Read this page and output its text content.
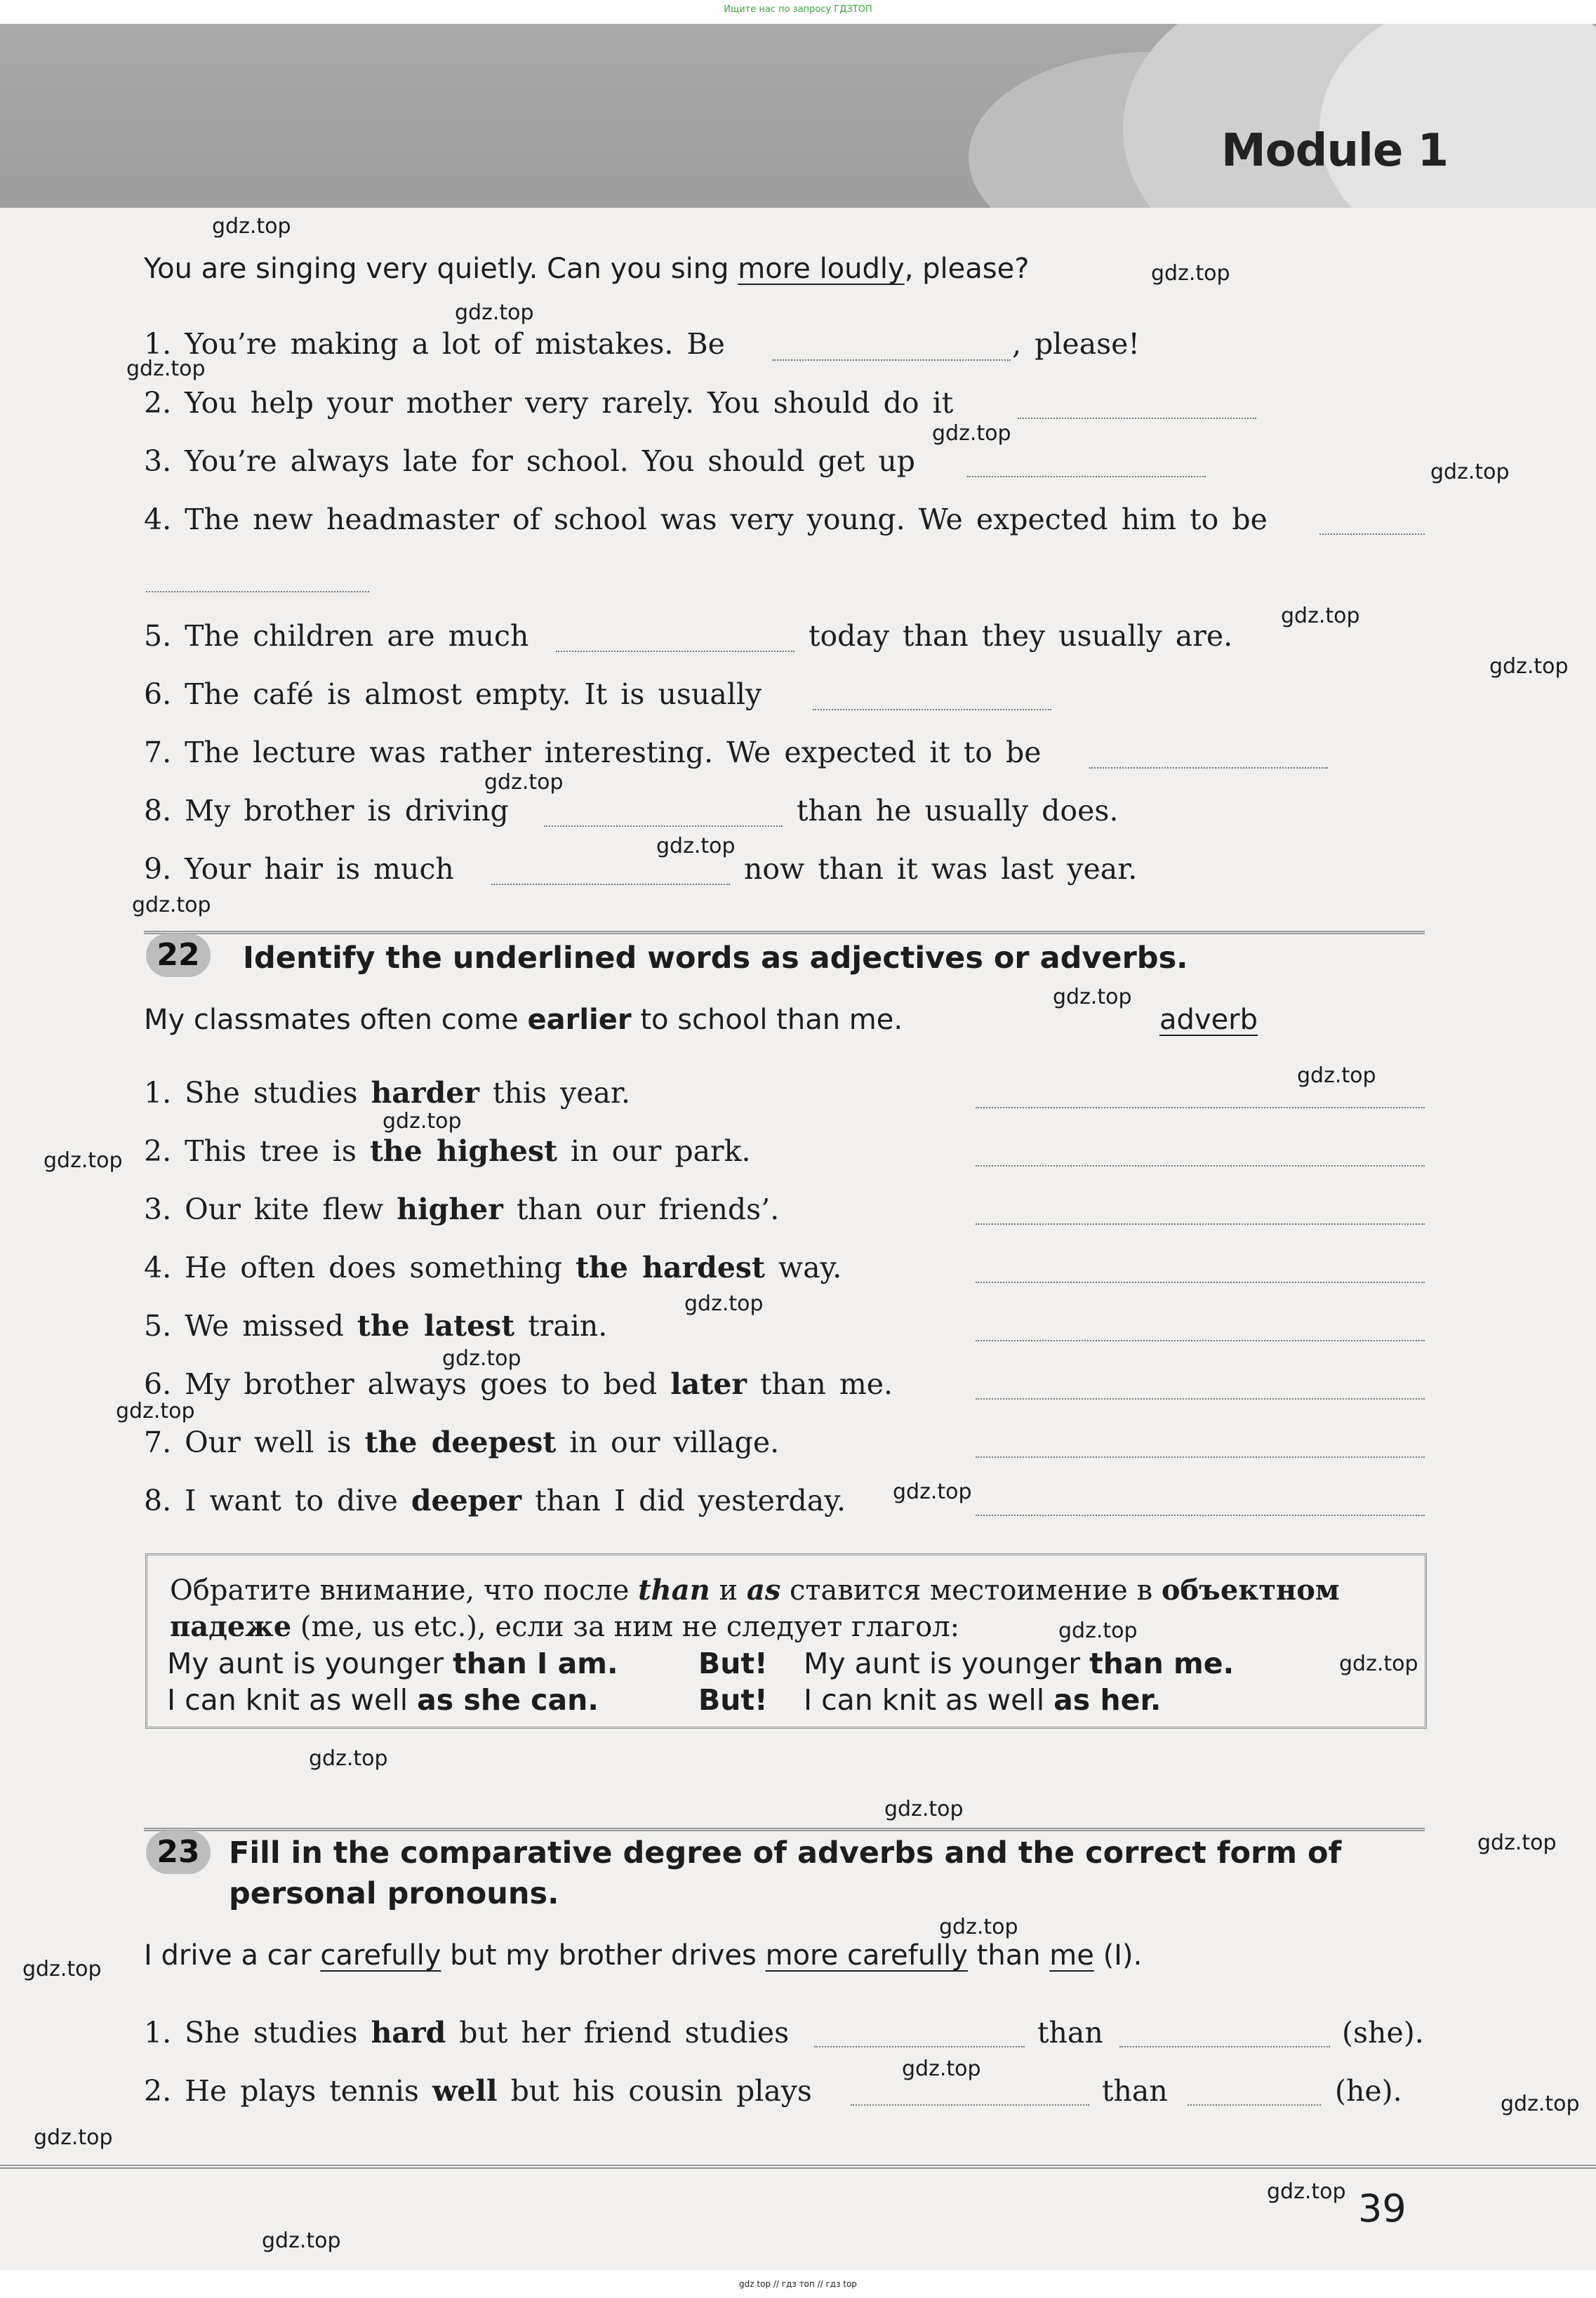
Ищите нас по запросу ГДЗТОП
Module 1
You are singing very quietly. Can you sing more loudly, please?
1. You’re making a lot of mistakes. Be	, please!
2. You help your mother very rarely. You should do it
3. You’re always late for school. You should get up
4. The new headmaster of school was very young. We expected him to be
5. The children are much	today than they usually are.
6. The café is almost empty. It is usually
7. The lecture was rather interesting. We expected it to be
8. My brother is driving	than he usually does.
9. Your hair is much	now than it was last year.
22	Identify the underlined words as adjectives or adverbs.
My classmates often come earlier to school than me.	adverb
1. She studies harder this year.
2. This tree is the highest in our park.
3. Our kite flew higher than our friends’.
4. He often does something the hardest way.
5. We missed the latest train.
6. My brother always goes to bed later than me.
7. Our well is the deepest in our village.
8. I want to dive deeper than I did yesterday.
Обратите внимание, что после than и as ставится местоимение в объектном
падеже (me, us etc.), если за ним не следует глагол:
My aunt is younger than I am.	But! My aunt is younger than me.
I can knit as well as she can.	But! I can knit as well as her.
23 Fill in the comparative degree of adverbs and the correct form of
personal pronouns.
I drive a car carefully but my brother drives more carefully than me (I).
1. She studies hard but her friend studies	than	(she).
2. He plays tennis well but his cousin plays	than	(he).
39
gdz top // гдз топ // гдз top
gdz.top
gdz.top
gdz.top
gdz.top
gdz.top
gdz.top
gdz.top
gdz.top
gdz.top
gdz.top
gdz.top
gdz.top
gdz.top
gdz.top
gdz.top
gdz.top
gdz.top
gdz.top
gdz.top
gdz.top
gdz.top
gdz.top
gdz.top
gdz.top
gdz.top
gdz.top
gdz.top
gdz.top
gdz.top
gdz.top
gdz.top
